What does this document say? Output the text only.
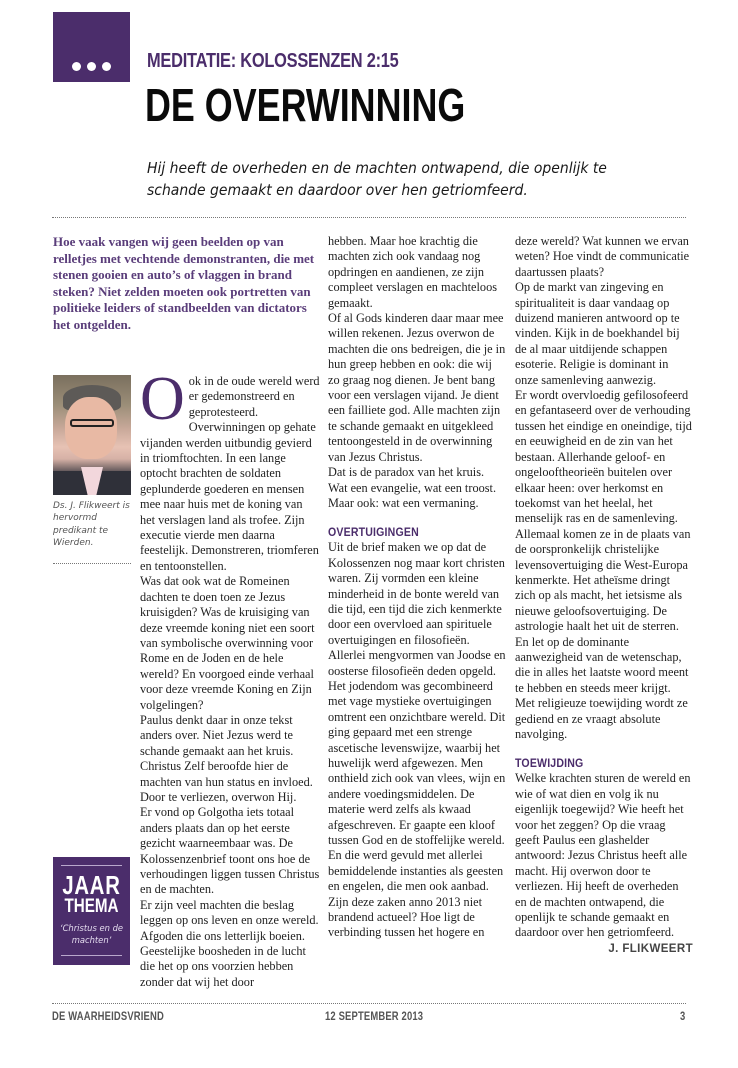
MEDITATIE: KOLOSSENZEN 2:15
DE OVERWINNING
Hij heeft de overheden en de machten ontwapend, die openlijk te schande gemaakt en daardoor over hen getriomfeerd.
Hoe vaak vangen wij geen beelden op van relletjes met vechtende demonstranten, die met stenen gooien en auto’s of vlaggen in brand steken? Niet zelden moeten ook portretten van politieke leiders of standbeelden van dictators het ontgelden.
Ds. J. Flikweert is hervormd predikant te Wierden.
JAAR
THEMA
‘Christus en de machten’
O ok in de oude wereld werd er gedemonstreerd en geprotesteerd. Overwinningen op gehate vijanden werden uitbundig gevierd in triomftochten. In een lange optocht brachten de soldaten geplunderde goederen en mensen mee naar huis met de koning van het verslagen land als trofee. Zijn executie vierde men daarna feestelijk. Demonstreren, triomferen en tentoonstellen.

Was dat ook wat de Romeinen dachten te doen toen ze Jezus kruisigden? Was de kruisiging van deze vreemde koning niet een soort van symbolische overwinning voor Rome en de Joden en de hele wereld? En voorgoed einde verhaal voor deze vreemde Koning en Zijn volgelingen?

Paulus denkt daar in onze tekst anders over. Niet Jezus werd te schande gemaakt aan het kruis. Christus Zelf beroofde hier de machten van hun status en invloed. Door te verliezen, overwon Hij.

Er vond op Golgotha iets totaal anders plaats dan op het eerste gezicht waarneembaar was. De Kolossenzenbrief toont ons hoe de verhoudingen liggen tussen Christus en de machten.

Er zijn veel machten die beslag leggen op ons leven en onze wereld. Afgoden die ons letterlijk boeien. Geestelijke boosheden in de lucht die het op ons voorzien hebben zonder dat wij het door

hebben. Maar hoe krachtig die machten zich ook vandaag nog opdringen en aandienen, ze zijn compleet verslagen en machteloos gemaakt.

Of al Gods kinderen daar maar mee willen rekenen. Jezus overwon de machten die ons bedreigen, die je in hun greep hebben en ook: die wij zo graag nog dienen. Je bent bang voor een verslagen vijand. Je dient een failliete god. Alle machten zijn te schande gemaakt en uitgekleed tentoongesteld in de overwinning van Jezus Christus.

Dat is de paradox van het kruis. Wat een evangelie, wat een troost. Maar ook: wat een vermaning.

OVERTUIGINGEN

Uit de brief maken we op dat de Kolossenzen nog maar kort christen waren. Zij vormden een kleine minderheid in de bonte wereld van die tijd, een tijd die zich kenmerkte door een overvloed aan spirituele overtuigingen en filosofieën.

Allerlei mengvormen van Joodse en oosterse filosofieën deden opgeld. Het jodendom was gecombineerd met vage mystieke overtuigingen omtrent een onzichtbare wereld. Dit ging gepaard met een strenge ascetische levenswijze, waarbij het huwelijk werd afgewezen. Men onthield zich ook van vlees, wijn en andere voedingsmiddelen. De materie werd zelfs als kwaad afgeschreven. Er gaapte een kloof tussen God en de stoffelijke wereld. En die werd gevuld met allerlei bemiddelende instanties als geesten en engelen, die men ook aanbad.

Zijn deze zaken anno 2013 niet brandend actueel? Hoe ligt de verbinding tussen het hogere en

deze wereld? Wat kunnen we ervan weten? Hoe vindt de communicatie daartussen plaats?

Op de markt van zingeving en spiritualiteit is daar vandaag op duizend manieren antwoord op te vinden. Kijk in de boekhandel bij de al maar uitdijende schappen esoterie. Religie is dominant in onze samenleving aanwezig.

Er wordt overvloedig gefilosofeerd en gefantaseerd over de verhouding tussen het eindige en oneindige, tijd en eeuwigheid en de zin van het bestaan. Allerhande geloof- en ongelooftheorieën buitelen over elkaar heen: over herkomst en toekomst van het heelal, het menselijk ras en de samenleving.

Allemaal komen ze in de plaats van de oorspronkelijk christelijke levensovertuiging die West-Europa kenmerkte. Het atheïsme dringt zich op als macht, het ietsisme als nieuwe geloofsovertuiging. De astrologie haalt het uit de sterren.

En let op de dominante aanwezigheid van de wetenschap, die in alles het laatste woord meent te hebben en steeds meer krijgt. Met religieuze toewijding wordt ze gediend en ze vraagt absolute navolging.

TOEWIJDING

Welke krachten sturen de wereld en wie of wat dien en volg ik nu eigenlijk toegewijd? Wie heeft het voor het zeggen? Op die vraag geeft Paulus een glashelder antwoord: Jezus Christus heeft alle macht. Hij overwon door te verliezen. Hij heeft de overheden en de machten ontwapend, die openlijk te schande gemaakt en daardoor over hen getriomfeerd.

J. FLIKWEERT
DE WAARHEIDSVRIEND	12 SEPTEMBER 2013	3
